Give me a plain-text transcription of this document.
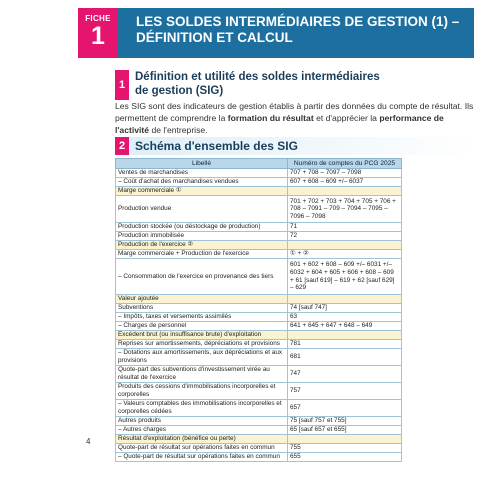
FICHE
1
LES SOLDES INTERMÉDIAIRES DE GESTION (1) –
DÉFINITION ET CALCUL
1
Définition et utilité des soldes intermédiaires
de gestion (SIG)

Les SIG sont des indicateurs de gestion établis à partir des données du compte de résultat. Ils permettent de comprendre la formation du résultat et d'apprécier la performance de l'activité de l'entreprise.

2 Schéma d'ensemble des SIG
Libellé	Numéro de comptes du PCG 2025
Ventes de marchandises	707 + 708 – 7097 – 7098
– Coût d'achat des marchandises vendues	607 + 608 – 609 +/– 6037
Marge commerciale ①	
Production vendue	701 + 702 + 703 + 704 + 705 + 706 + 708 – 7091 – 709 – 7094 – 7095 – 7096 – 7098
Production stockée (ou déstockage de production)	71
Production immobilisée	72
Production de l'exercice ②	
Marge commerciale + Production de l'exercice	① + ②
– Consommation de l'exercice en provenance des tiers	601 + 602 + 608 – 609 +/– 6031 +/– 6032 + 604 + 605 + 606 + 608 – 609 + 61 [sauf 619] – 619 + 62 [sauf 629] – 629
Valeur ajoutée	
Subventions	74 [sauf 747]
– Impôts, taxes et versements assimilés	63
– Charges de personnel	641 + 645 + 647 + 648 – 649
Excédent brut (ou insuffisance brute) d'exploitation	
Reprises sur amortissements, dépréciations et provisions	781
– Dotations aux amortissements, aux dépréciations et aux provisions	681
Quote-part des subventions d'investissement virée au résultat de l'exercice	747
Produits des cessions d'immobilisations incorporelles et corporelles	757
– Valeurs comptables des immobilisations incorporelles et corporelles cédées	657
Autres produits	75 [sauf 757 et 755]
– Autres charges	65 [sauf 657 et 655]
Résultat d'exploitation (bénéfice ou perte)	
Quote-part de résultat sur opérations faites en commun	755
– Quote-part de résultat sur opérations faites en commun	655
4
